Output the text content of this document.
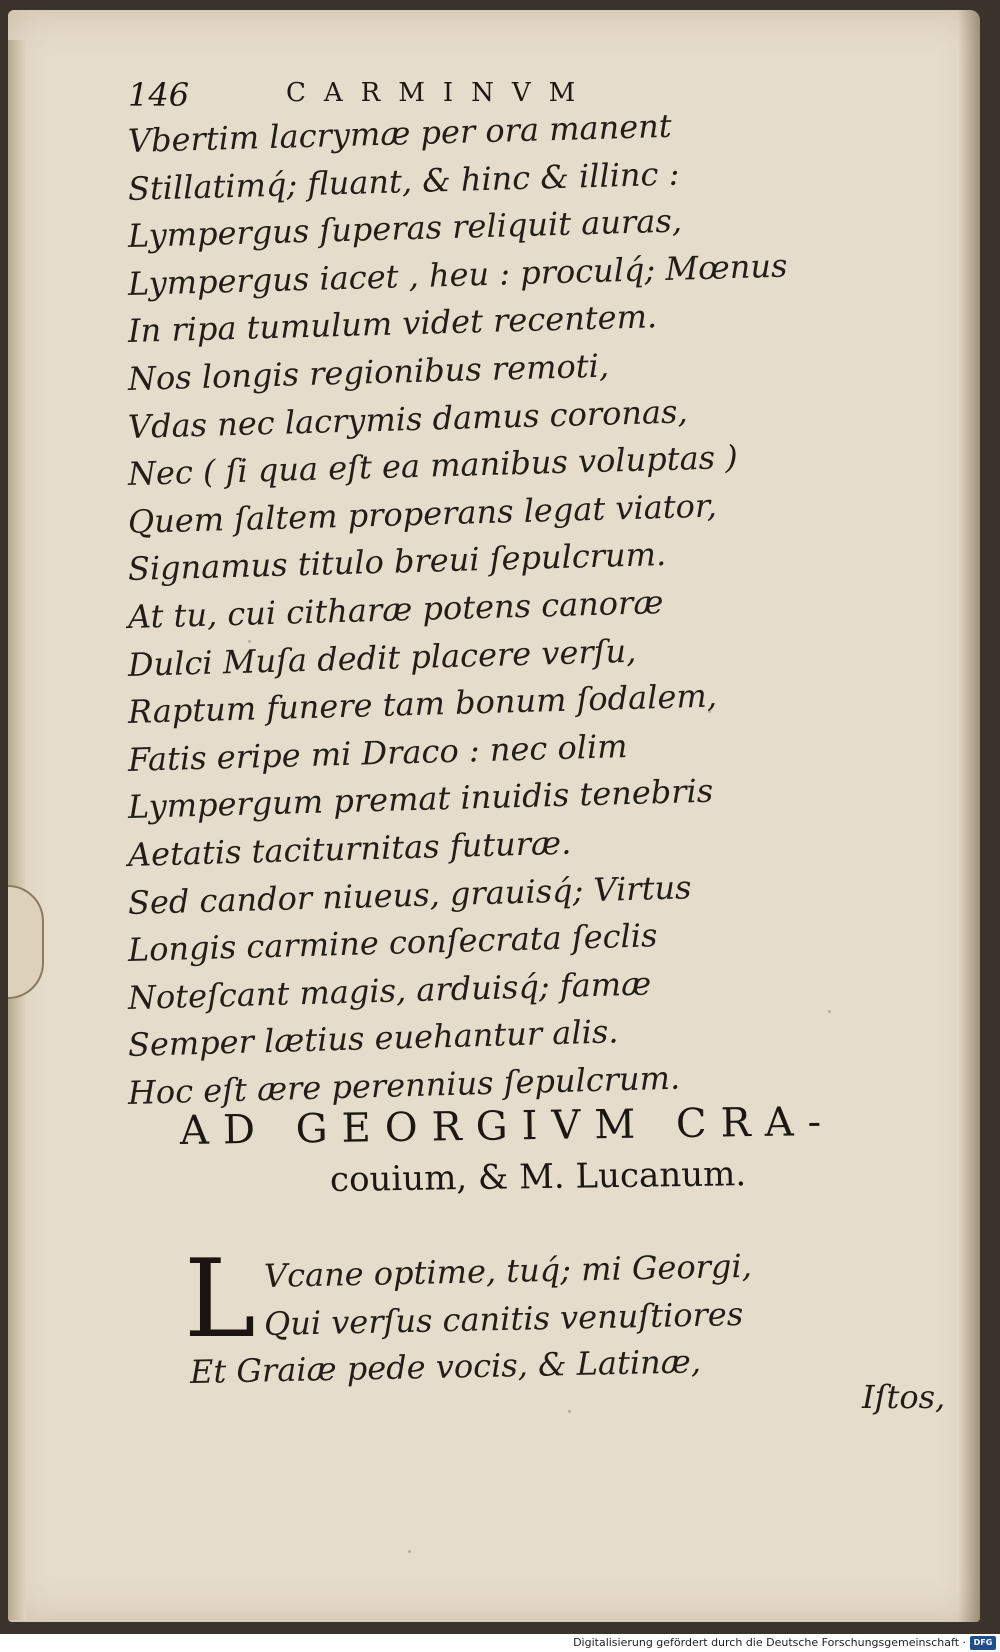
146	CARMINVM
Vbertim lacrymæ per ora manent
Stillatimq́; fluant, & hinc & illinc :
Lympergus ſuperas reliquit auras,
Lympergus iacet , heu : proculq́; Mœnus
In ripa tumulum videt recentem.
Nos longis regionibus remoti,
Vdas nec lacrymis damus coronas,
Nec ( ſi qua eſt ea manibus voluptas )
Quem ſaltem properans legat viator,
Signamus titulo breui ſepulcrum.
At tu, cui citharæ potens canoræ
Dulci Muſa dedit placere verſu,
Raptum funere tam bonum ſodalem,
Fatis eripe mi Draco : nec olim
Lympergum premat inuidis tenebris
Aetatis taciturnitas futuræ.
Sed candor niueus, grauisq́; Virtus
Longis carmine conſecrata ſeclis
Noteſcant magis, arduisq́; famæ
Semper lætius euehantur alis.
Hoc eſt ære perennius ſepulcrum.
AD GEORGIVM CRA-
couium, & M. Lucanum.
L Vcane optime, tuq́; mi Georgi,
Qui verſus canitis venuſtiores
Et Graiæ pede vocis, & Latinæ,
Iſtos,
Digitalisierung gefördert durch die Deutsche Forschungsgemeinschaft · DFG
